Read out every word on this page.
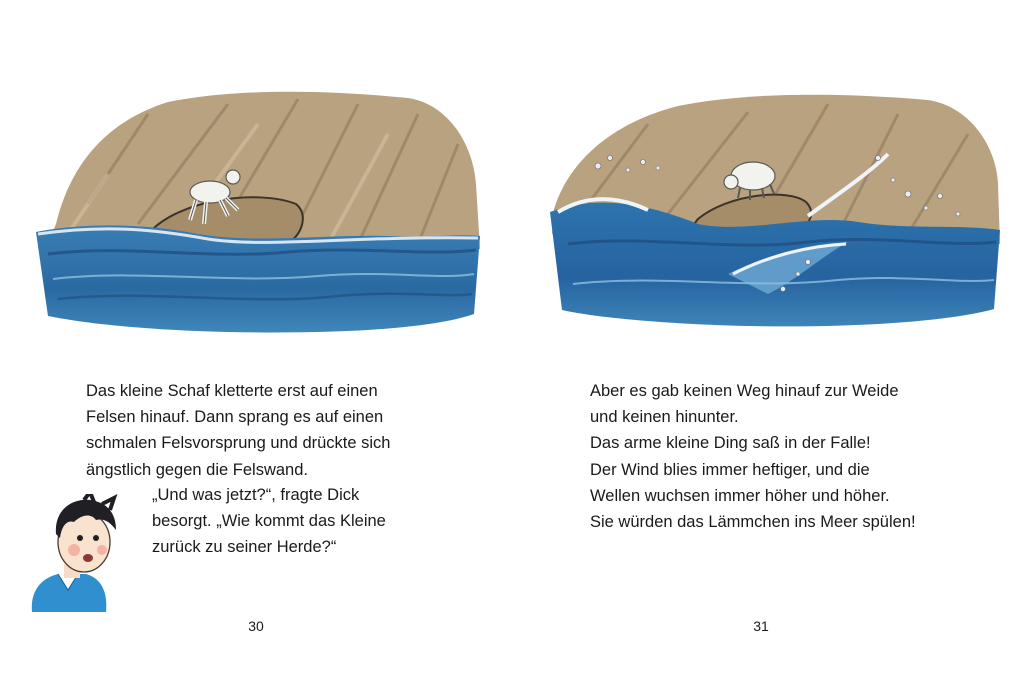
Das kleine Schaf kletterte erst auf einen
Felsen hinauf. Dann sprang es auf einen
schmalen Felsvorsprung und drückte sich
ängstlich gegen die Felswand.
„Und was jetzt?“, fragte Dick
besorgt. „Wie kommt das Kleine
zurück zu seiner Herde?“
30
Aber es gab keinen Weg hinauf zur Weide
und keinen hinunter.
Das arme kleine Ding saß in der Falle!
Der Wind blies immer heftiger, und die
Wellen wuchsen immer höher und höher.
Sie würden das Lämmchen ins Meer spülen!
31
